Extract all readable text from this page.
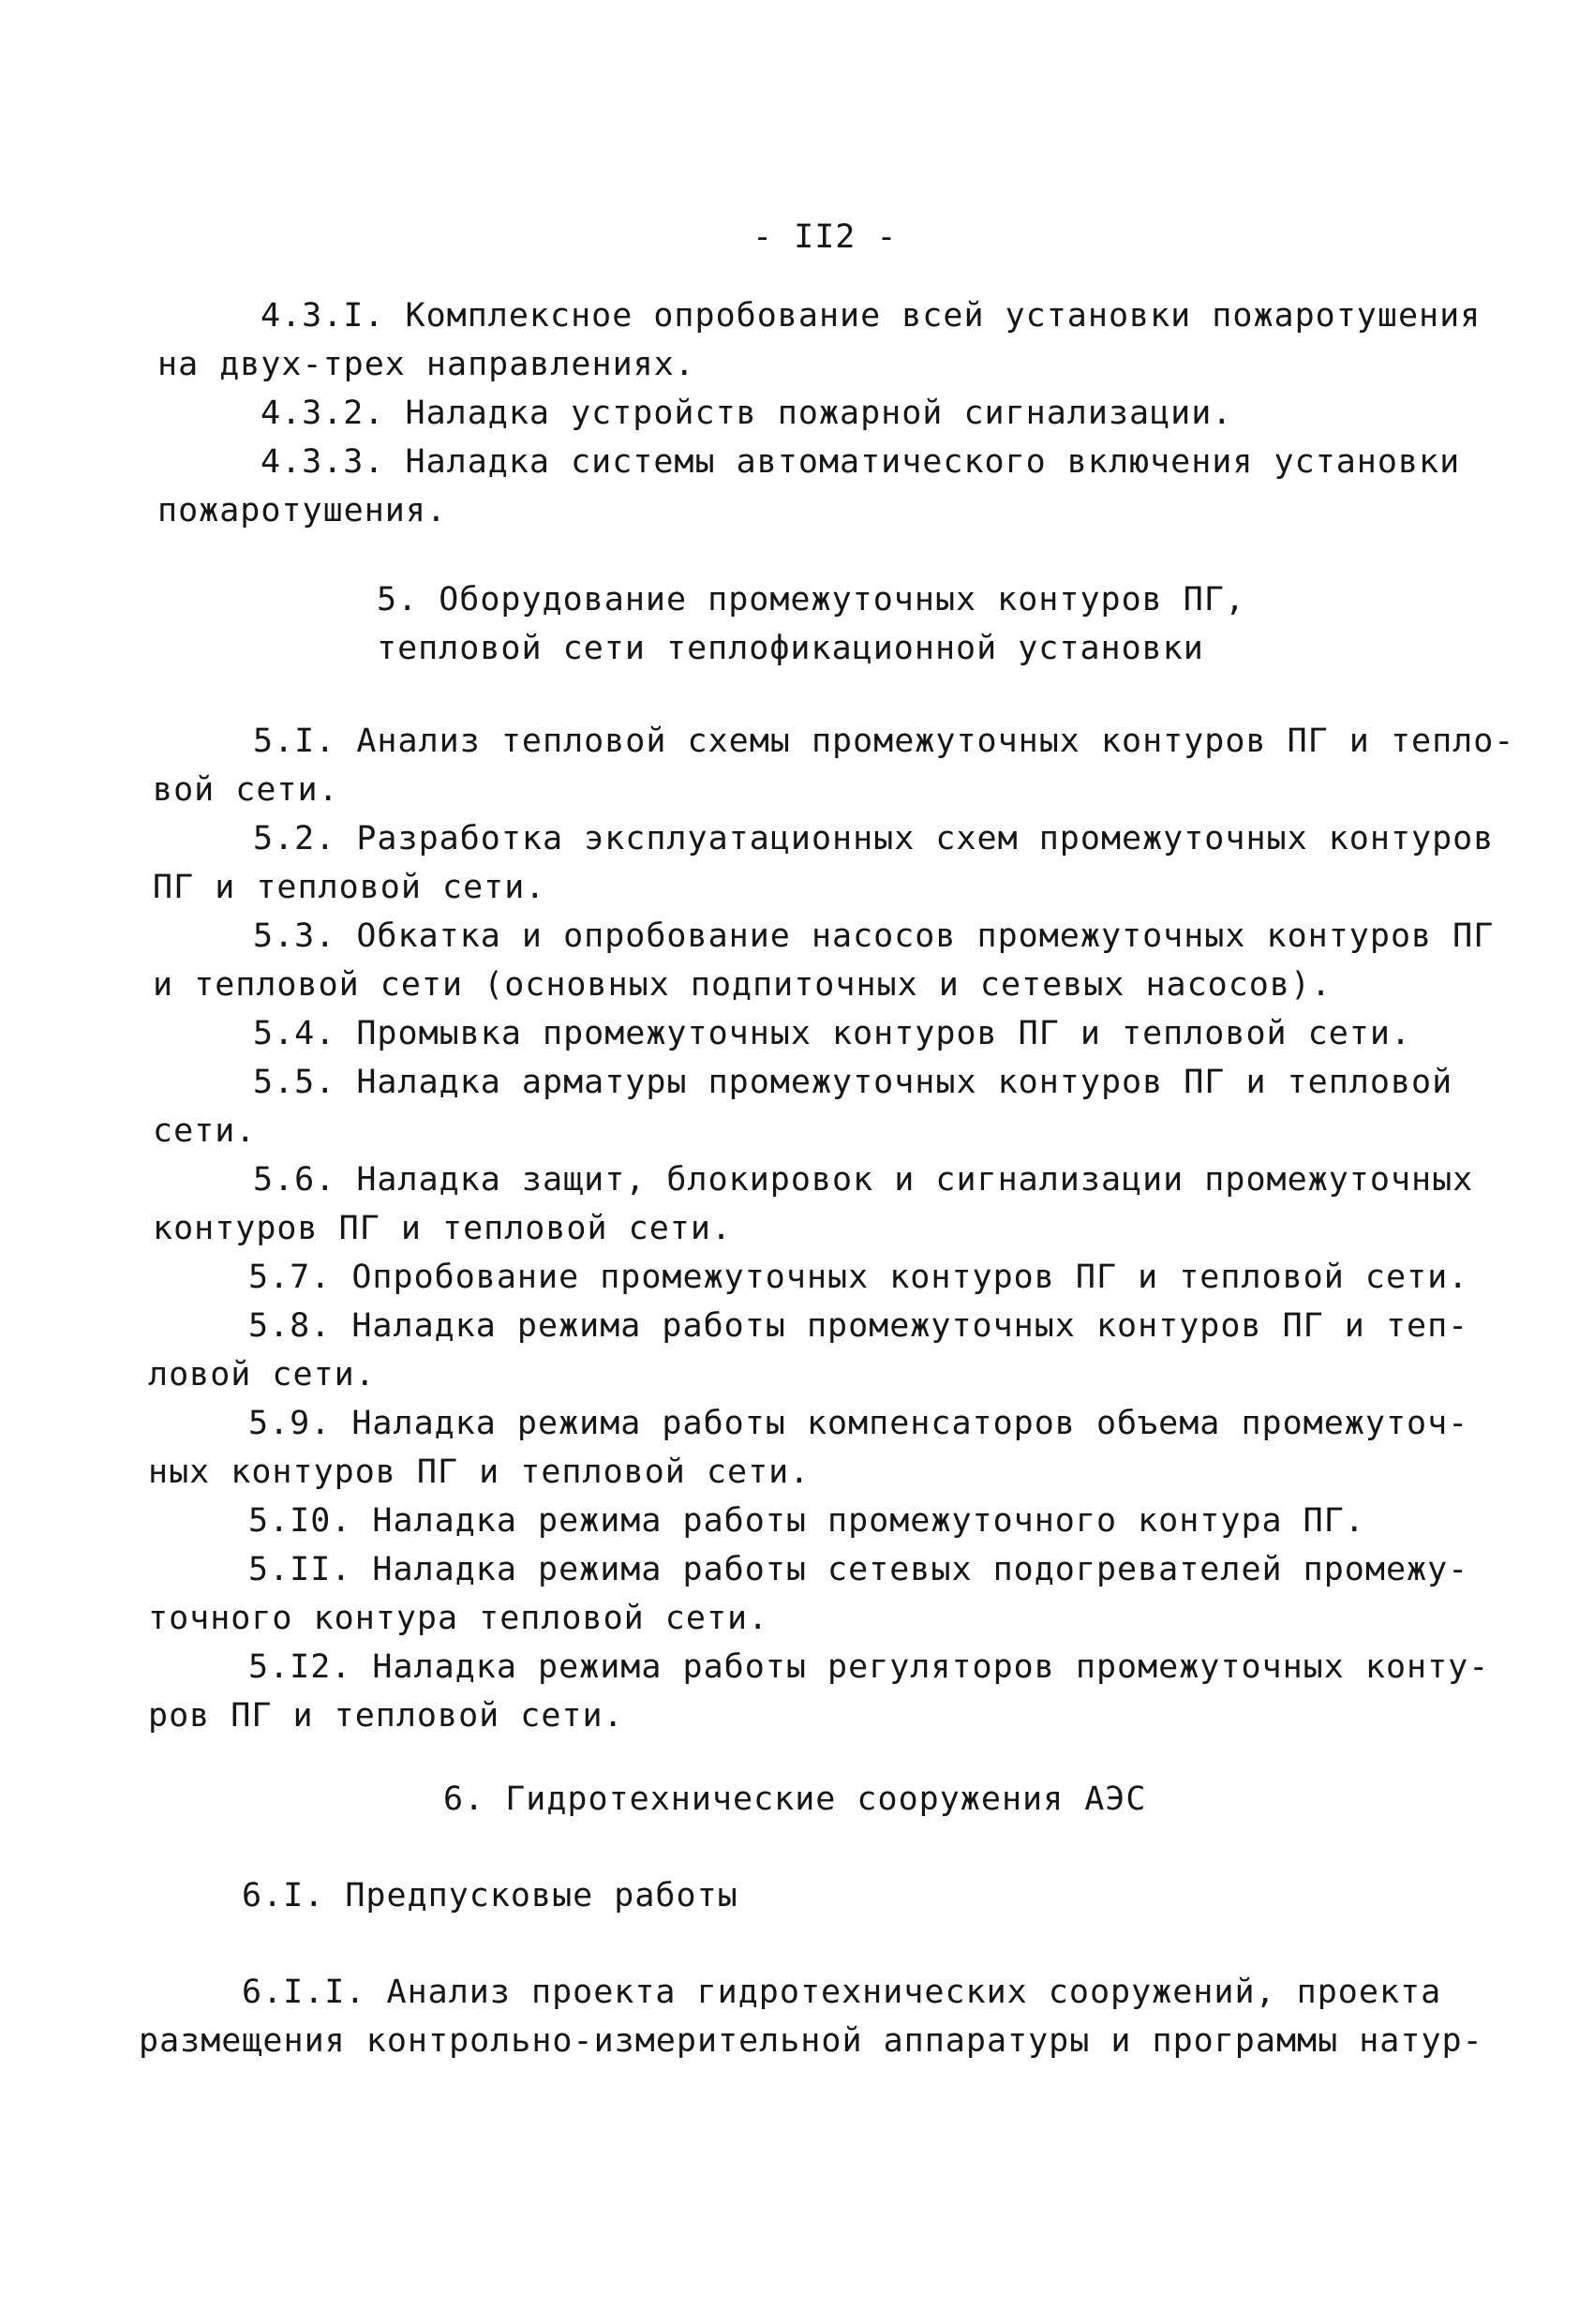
- II2 -
4.3.I. Комплексное опробование всей установки пожаротушения
на двух-трех направлениях.
4.3.2. Наладка устройств пожарной сигнализации.
4.3.3. Наладка системы автоматического включения установки
пожаротушения.
5. Оборудование промежуточных контуров ПГ,
тепловой сети теплофикационной установки
5.I. Анализ тепловой схемы промежуточных контуров ПГ и тепло-
вой сети.
5.2. Разработка эксплуатационных схем промежуточных контуров
ПГ и тепловой сети.
5.3. Обкатка и опробование насосов промежуточных контуров ПГ
и тепловой сети (основных подпиточных и сетевых насосов).
5.4. Промывка промежуточных контуров ПГ и тепловой сети.
5.5. Наладка арматуры промежуточных контуров ПГ и тепловой
сети.
5.6. Наладка защит, блокировок и сигнализации промежуточных
контуров ПГ и тепловой сети.
5.7. Опробование промежуточных контуров ПГ и тепловой сети.
5.8. Наладка режима работы промежуточных контуров ПГ и теп-
ловой сети.
5.9. Наладка режима работы компенсаторов объема промежуточ-
ных контуров ПГ и тепловой сети.
5.I0. Наладка режима работы промежуточного контура ПГ.
5.II. Наладка режима работы сетевых подогревателей промежу-
точного контура тепловой сети.
5.I2. Наладка режима работы регуляторов промежуточных конту-
ров ПГ и тепловой сети.
6. Гидротехнические сооружения АЭС
6.I. Предпусковые работы
6.I.I. Анализ проекта гидротехнических сооружений, проекта
размещения контрольно-измерительной аппаратуры и программы натур-
